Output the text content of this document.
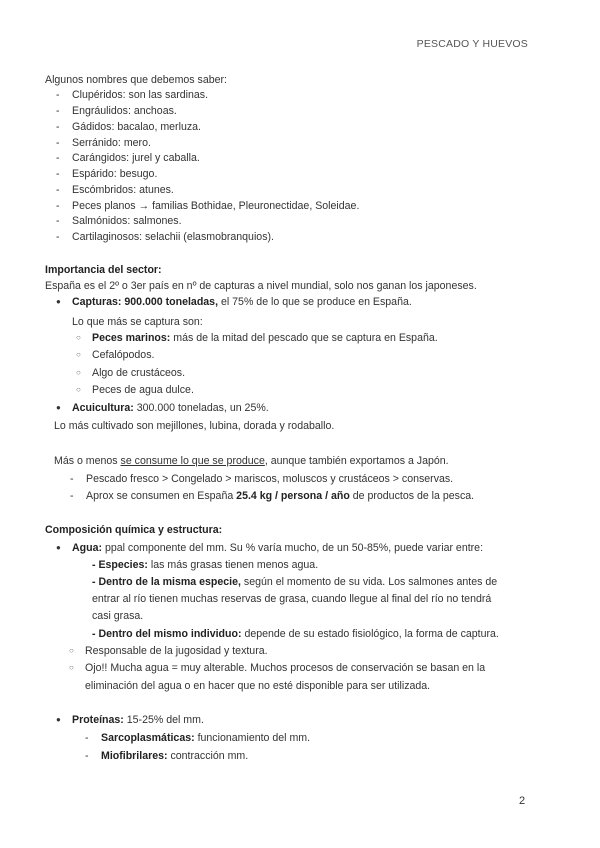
PESCADO Y HUEVOS
Algunos nombres que debemos saber:
- Clupéridos: son las sardinas.
- Engráulidos: anchoas.
- Gádidos: bacalao, merluza.
- Serránido: mero.
- Carángidos: jurel y caballa.
- Espárido: besugo.
- Escómbridos: atunes.
- Peces planos → familias Bothidae, Pleuronectidae, Soleidae.
- Salmónidos: salmones.
- Cartilaginosos: selachii (elasmobranquios).
Importancia del sector:
España es el 2º o 3er país en nº de capturas a nivel mundial, solo nos ganan los japoneses.
● Capturas: 900.000 toneladas, el 75% de lo que se produce en España.
Lo que más se captura son:
○ Peces marinos: más de la mitad del pescado que se captura en España.
○ Cefalópodos.
○ Algo de crustáceos.
○ Peces de agua dulce.
● Acuicultura: 300.000 toneladas, un 25%.
Lo más cultivado son mejillones, lubina, dorada y rodaballo.
Más o menos se consume lo que se produce, aunque también exportamos a Japón.
- Pescado fresco > Congelado > mariscos, moluscos y crustáceos > conservas.
- Aprox se consumen en España 25.4 kg / persona / año de productos de la pesca.
Composición química y estructura:
● Agua: ppal componente del mm. Su % varía mucho, de un 50-85%, puede variar entre:
- Especies: las más grasas tienen menos agua.
- Dentro de la misma especie, según el momento de su vida. Los salmones antes de
entrar al río tienen muchas reservas de grasa, cuando llegue al final del río no tendrá
casi grasa.
- Dentro del mismo individuo: depende de su estado fisiológico, la forma de captura.
○ Responsable de la jugosidad y textura.
○ Ojo!! Mucha agua = muy alterable. Muchos procesos de conservación se basan en la
eliminación del agua o en hacer que no esté disponible para ser utilizada.
● Proteínas: 15-25% del mm.
- Sarcoplasmáticas: funcionamiento del mm.
- Miofibrilares: contracción mm.
2
